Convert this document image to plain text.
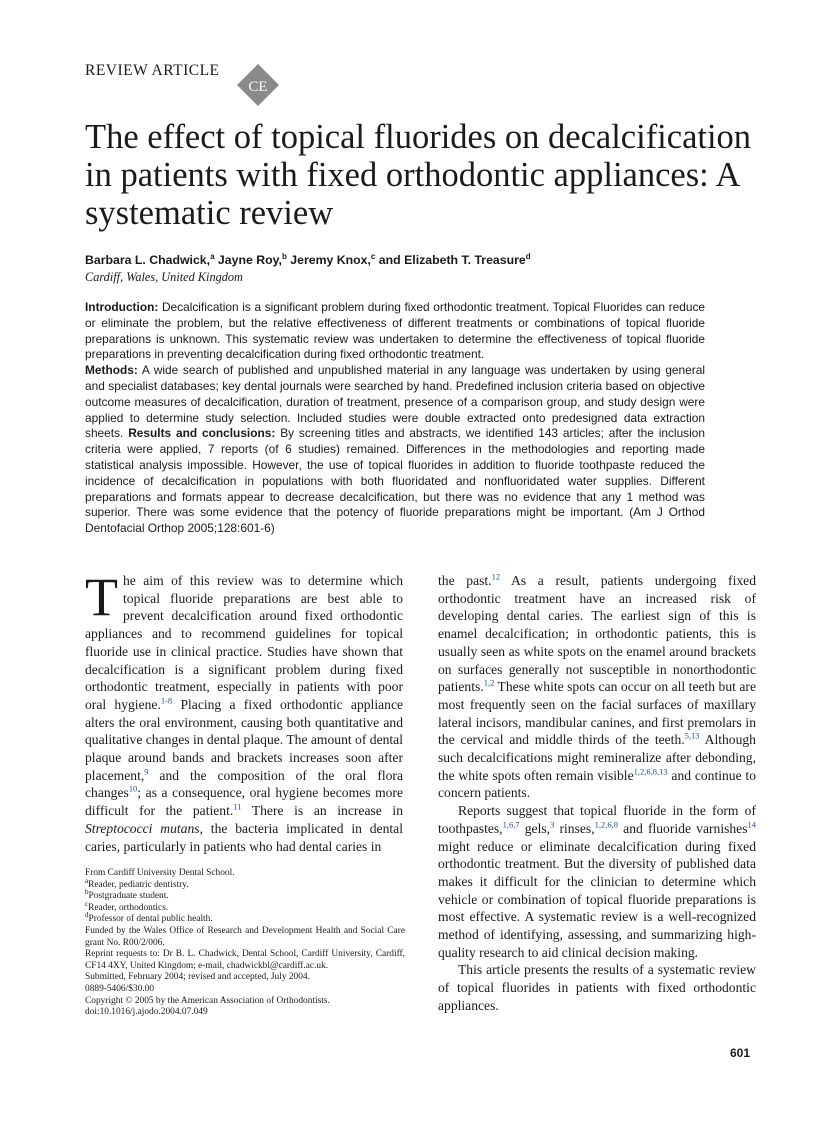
REVIEW ARTICLE
CE
The effect of topical fluorides on decalcification in patients with fixed orthodontic appliances: A systematic review
Barbara L. Chadwick,$^a$ Jayne Roy,$^b$ Jeremy Knox,$^c$ and Elizabeth T. Treasure$^d$
Cardiff, Wales, United Kingdom

Introduction: Decalcification is a significant problem during fixed orthodontic treatment. Topical Fluorides can reduce or eliminate the problem, but the relative effectiveness of different treatments or combinations of topical fluoride preparations is unknown. This systematic review was undertaken to determine the effectiveness of topical fluoride preparations in preventing decalcification during fixed orthodontic treatment.
Methods: A wide search of published and unpublished material in any language was undertaken by using general and specialist databases; key dental journals were searched by hand. Predefined inclusion criteria based on objective outcome measures of decalcification, duration of treatment, presence of a comparison group, and study design were applied to determine study selection. Included studies were double extracted onto predesigned data extraction sheets. Results and conclusions: By screening titles and abstracts, we identified 143 articles; after the inclusion criteria were applied, 7 reports (of 6 studies) remained. Differences in the methodologies and reporting made statistical analysis impossible. However, the use of topical fluorides in addition to fluoride toothpaste reduced the incidence of decalcification in populations with both fluoridated and nonfluoridated water supplies. Different preparations and formats appear to decrease decalcification, but there was no evidence that any 1 method was superior. There was some evidence that the potency of fluoride preparations might be important. (Am J Orthod Dentofacial Orthop 2005;128:601-6)

The aim of this review was to determine which topical fluoride preparations are best able to prevent decalcification around fixed orthodontic appliances and to recommend guidelines for topical fluoride use in clinical practice. Studies have shown that decalcification is a significant problem during fixed orthodontic treatment, especially in patients with poor oral hygiene.$^{1-8}$ Placing a fixed orthodontic appliance alters the oral environment, causing both quantitative and qualitative changes in dental plaque. The amount of dental plaque around bands and brackets increases soon after placement,$^9$ and the composition of the oral flora changes$^{10}$; as a consequence, oral hygiene becomes more difficult for the patient.$^{11}$ There is an increase in Streptococci mutans, the bacteria implicated in dental caries, particularly in patients who had dental caries in

the past.$^{12}$ As a result, patients undergoing fixed orthodontic treatment have an increased risk of developing dental caries. The earliest sign of this is enamel decalcification; in orthodontic patients, this is usually seen as white spots on the enamel around brackets on surfaces generally not susceptible in nonorthodontic patients.$^{1,2}$ These white spots can occur on all teeth but are most frequently seen on the facial surfaces of maxillary lateral incisors, mandibular canines, and first premolars in the cervical and middle thirds of the teeth.$^{5,13}$ Although such decalcifications might remineralize after debonding, the white spots often remain visible$^{1,2,6,8,13}$ and continue to concern patients.

Reports suggest that topical fluoride in the form of toothpastes,$^{1,6,7}$ gels,$^3$ rinses,$^{1,2,6,8}$ and fluoride varnishes$^{14}$ might reduce or eliminate decalcification during fixed orthodontic treatment. But the diversity of published data makes it difficult for the clinician to determine which vehicle or combination of topical fluoride preparations is most effective. A systematic review is a well-recognized method of identifying, assessing, and summarizing high-quality research to aid clinical decision making.

This article presents the results of a systematic review of topical fluorides in patients with fixed orthodontic appliances.

From Cardiff University Dental School.
$^a$Reader, pediatric dentistry.
$^b$Postgraduate student.
$^c$Reader, orthodontics.
$^d$Professor of dental public health.
Funded by the Wales Office of Research and Development Health and Social Care grant No. R00/2/006.
Reprint requests to: Dr B. L. Chadwick, Dental School, Cardiff University, Cardiff, CF14 4XY, United Kingdom; e-mail, chadwickbl@cardiff.ac.uk.
Submitted, February 2004; revised and accepted, July 2004.
0889-5406/$30.00
Copyright © 2005 by the American Association of Orthodontists.
doi:10.1016/j.ajodo.2004.07.049
601
